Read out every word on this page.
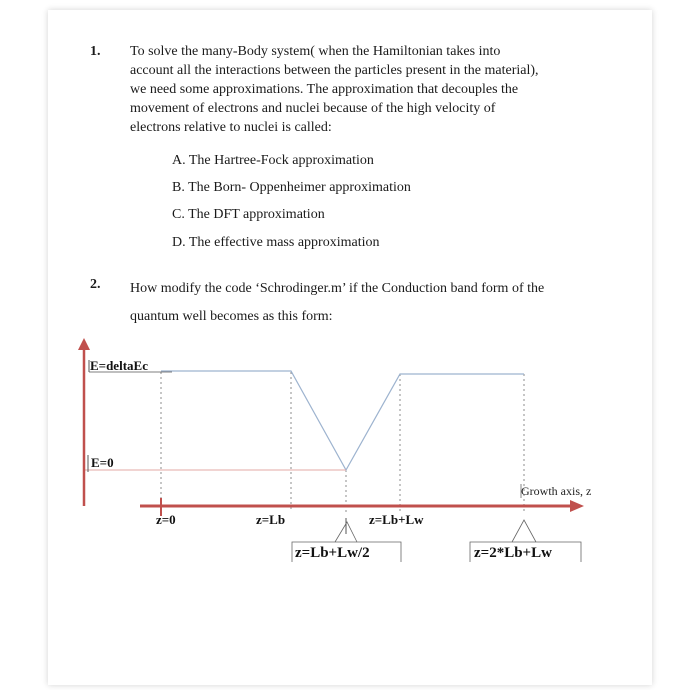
1. To solve the many-Body system( when the Hamiltonian takes into
account all the interactions between the particles present in the material),
we need some approximations. The approximation that decouples the
movement of electrons and nuclei because of the high velocity of
electrons relative to nuclei is called:
A. The Hartree-Fock approximation
B. The Born- Oppenheimer approximation
C. The DFT approximation
D. The effective mass approximation
2. How modify the code ‘Schrodinger.m’ if the Conduction band form of the
quantum well becomes as this form:
E=deltaEc
E=0
Growth axis, z
z=0	z=Lb	z=Lb+Lw
z=Lb+Lw/2	z=2*Lb+Lw
